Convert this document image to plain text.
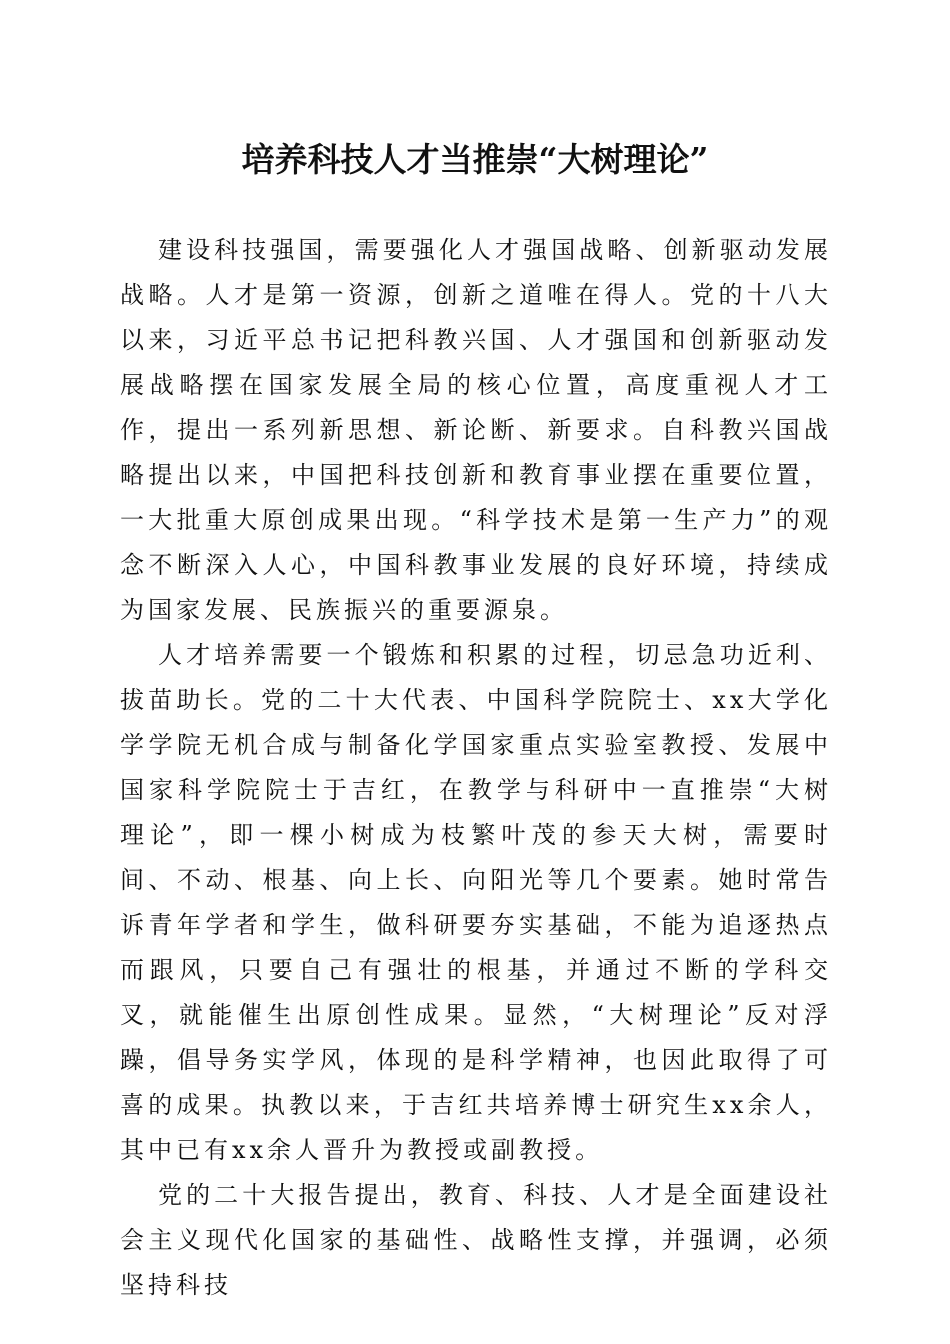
培养科技人才当推崇“大树理论”

建设科技强国，需要强化人才强国战略、创新驱动发展战略。人才是第一资源，创新之道唯在得人。党的十八大以来，习近平总书记把科教兴国、人才强国和创新驱动发展战略摆在国家发展全局的核心位置，高度重视人才工作，提出一系列新思想、新论断、新要求。自科教兴国战略提出以来，中国把科技创新和教育事业摆在重要位置，一大批重大原创成果出现。“科学技术是第一生产力”的观念不断深入人心，中国科教事业发展的良好环境，持续成为国家发展、民族振兴的重要源泉。

人才培养需要一个锻炼和积累的过程，切忌急功近利、拔苗助长。党的二十大代表、中国科学院院士、xx大学化学学院无机合成与制备化学国家重点实验室教授、发展中国家科学院院士于吉红，在教学与科研中一直推崇“大树理论”，即一棵小树成为枝繁叶茂的参天大树，需要时间、不动、根基、向上长、向阳光等几个要素。她时常告诉青年学者和学生，做科研要夯实基础，不能为追逐热点而跟风，只要自己有强壮的根基，并通过不断的学科交叉，就能催生出原创性成果。显然，“大树理论”反对浮躁，倡导务实学风，体现的是科学精神，也因此取得了可喜的成果。执教以来，于吉红共培养博士研究生xx余人，其中已有xx余人晋升为教授或副教授。

党的二十大报告提出，教育、科技、人才是全面建设社会主义现代化国家的基础性、战略性支撑，并强调，必须坚持科技
